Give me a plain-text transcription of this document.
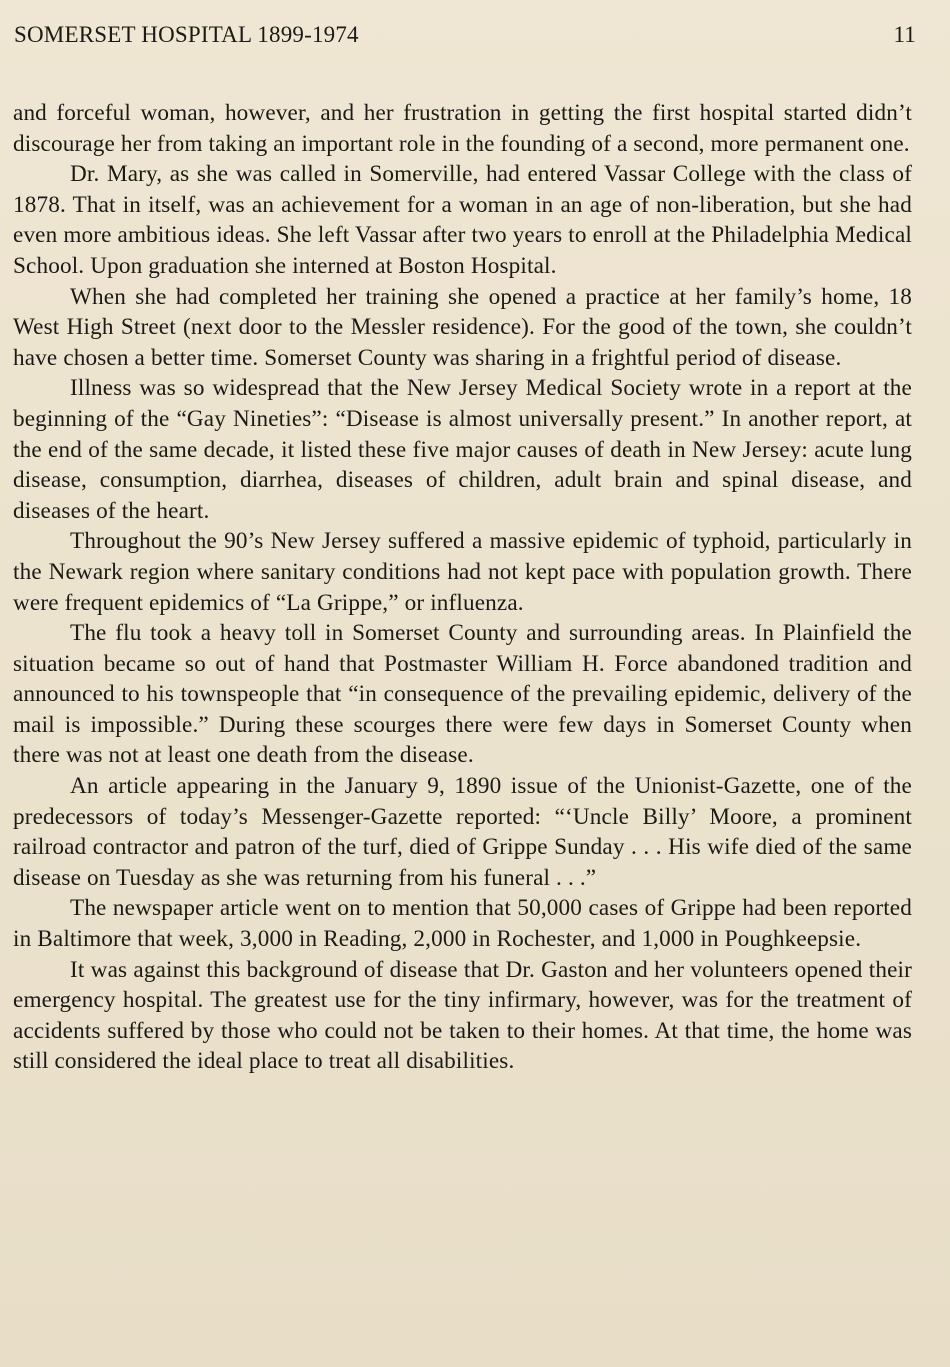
SOMERSET HOSPITAL 1899-1974	11

and forceful woman, however, and her frustration in getting the first hospital started didn’t discourage her from taking an important role in the founding of a second, more permanent one.

Dr. Mary, as she was called in Somerville, had entered Vassar College with the class of 1878. That in itself, was an achievement for a woman in an age of non-liberation, but she had even more ambitious ideas. She left Vassar after two years to enroll at the Philadelphia Medical School. Upon graduation she interned at Boston Hospital.

When she had completed her training she opened a practice at her family’s home, 18 West High Street (next door to the Messler residence). For the good of the town, she couldn’t have chosen a better time. Somerset County was sharing in a frightful period of disease.

Illness was so widespread that the New Jersey Medical Society wrote in a report at the beginning of the “Gay Nineties”: “Disease is almost universally present.” In another report, at the end of the same decade, it listed these five major causes of death in New Jersey: acute lung disease, consumption, diarrhea, diseases of children, adult brain and spinal disease, and diseases of the heart.

Throughout the 90’s New Jersey suffered a massive epidemic of typhoid, particularly in the Newark region where sanitary conditions had not kept pace with population growth. There were frequent epidemics of “La Grippe,” or influenza.

The flu took a heavy toll in Somerset County and surrounding areas. In Plainfield the situation became so out of hand that Postmaster William H. Force abandoned tradition and announced to his townspeople that “in consequence of the prevailing epidemic, delivery of the mail is impossible.” During these scourges there were few days in Somerset County when there was not at least one death from the disease.

An article appearing in the January 9, 1890 issue of the Unionist-Gazette, one of the predecessors of today’s Messenger-Gazette reported: “‘Uncle Billy’ Moore, a prominent railroad contractor and patron of the turf, died of Grippe Sunday . . . His wife died of the same disease on Tuesday as she was returning from his funeral . . .”

The newspaper article went on to mention that 50,000 cases of Grippe had been reported in Baltimore that week, 3,000 in Reading, 2,000 in Rochester, and 1,000 in Poughkeepsie.

It was against this background of disease that Dr. Gaston and her volunteers opened their emergency hospital. The greatest use for the tiny infirmary, however, was for the treatment of accidents suffered by those who could not be taken to their homes. At that time, the home was still considered the ideal place to treat all disabilities.
